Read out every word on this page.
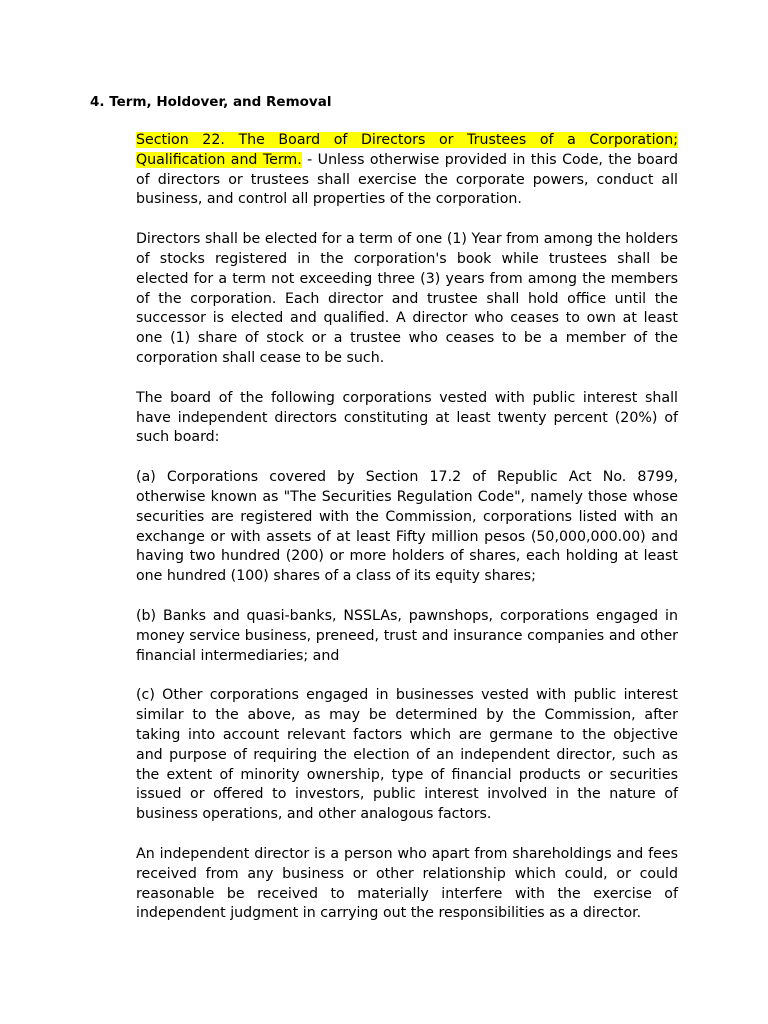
4. Term, Holdover, and Removal

Section 22. The Board of Directors or Trustees of a Corporation; Qualification and Term. - Unless otherwise provided in this Code, the board of directors or trustees shall exercise the corporate powers, conduct all business, and control all properties of the corporation.

Directors shall be elected for a term of one (1) Year from among the holders of stocks registered in the corporation's book while trustees shall be elected for a term not exceeding three (3) years from among the members of the corporation. Each director and trustee shall hold office until the successor is elected and qualified. A director who ceases to own at least one (1) share of stock or a trustee who ceases to be a member of the corporation shall cease to be such.

The board of the following corporations vested with public interest shall have independent directors constituting at least twenty percent (20%) of such board:

(a) Corporations covered by Section 17.2 of Republic Act No. 8799, otherwise known as "The Securities Regulation Code", namely those whose securities are registered with the Commission, corporations listed with an exchange or with assets of at least Fifty million pesos (50,000,000.00) and having two hundred (200) or more holders of shares, each holding at least one hundred (100) shares of a class of its equity shares;

(b) Banks and quasi-banks, NSSLAs, pawnshops, corporations engaged in money service business, preneed, trust and insurance companies and other financial intermediaries; and

(c) Other corporations engaged in businesses vested with public interest similar to the above, as may be determined by the Commission, after taking into account relevant factors which are germane to the objective and purpose of requiring the election of an independent director, such as the extent of minority ownership, type of financial products or securities issued or offered to investors, public interest involved in the nature of business operations, and other analogous factors.

An independent director is a person who apart from shareholdings and fees received from any business or other relationship which could, or could reasonable be received to materially interfere with the exercise of independent judgment in carrying out the responsibilities as a director.
